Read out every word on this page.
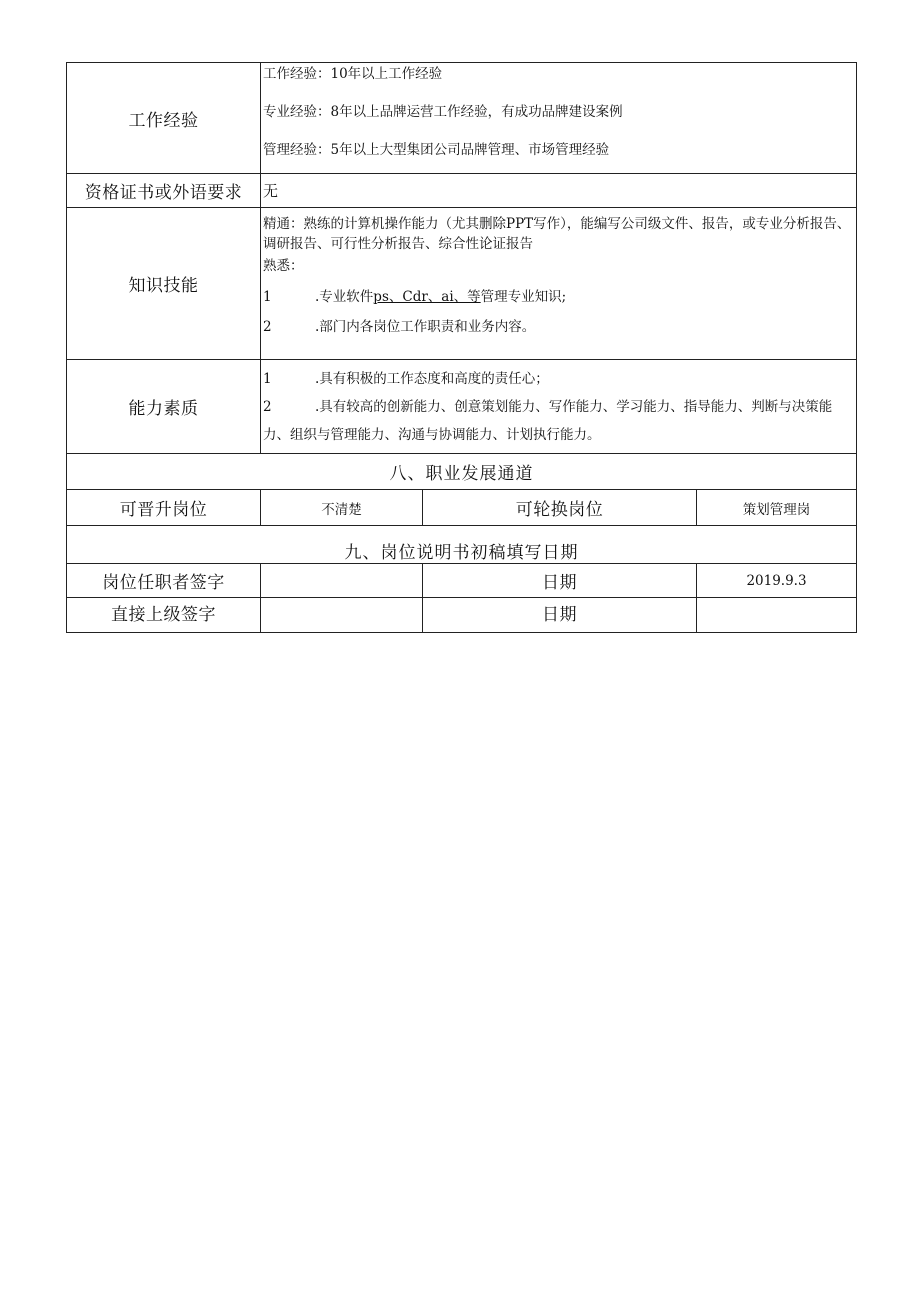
工作经验	工作经验：10年以上工作经验
专业经验：8年以上品牌运营工作经验，有成功品牌建设案例
管理经验：5年以上大型集团公司品牌管理、市场管理经验		

资格证书或外语要求	无		
知识技能	精通：熟练的计算机操作能力（尤其删除PPT写作），能编写公司级文件、报告，或专业分析报告、调研报告、可行性分析报告、综合性论证报告
熟悉：
1 .专业软件ps、Cdr、ai、等管理专业知识;
2 .部门内各岗位工作职责和业务内容。		

能力素质	1 .具有积极的工作态度和高度的责任心；
2 .具有较高的创新能力、创意策划能力、写作能力、学习能力、指导能力、判断与决策能力、组织与管理能力、沟通与协调能力、计划执行能力。		

八、职业发展通道			
可晋升岗位	不清楚	可轮换岗位	策划管理岗
九、岗位说明书初稿填写日期			
岗位任职者签字		日期	2019.9.3
直接上级签字		日期	
